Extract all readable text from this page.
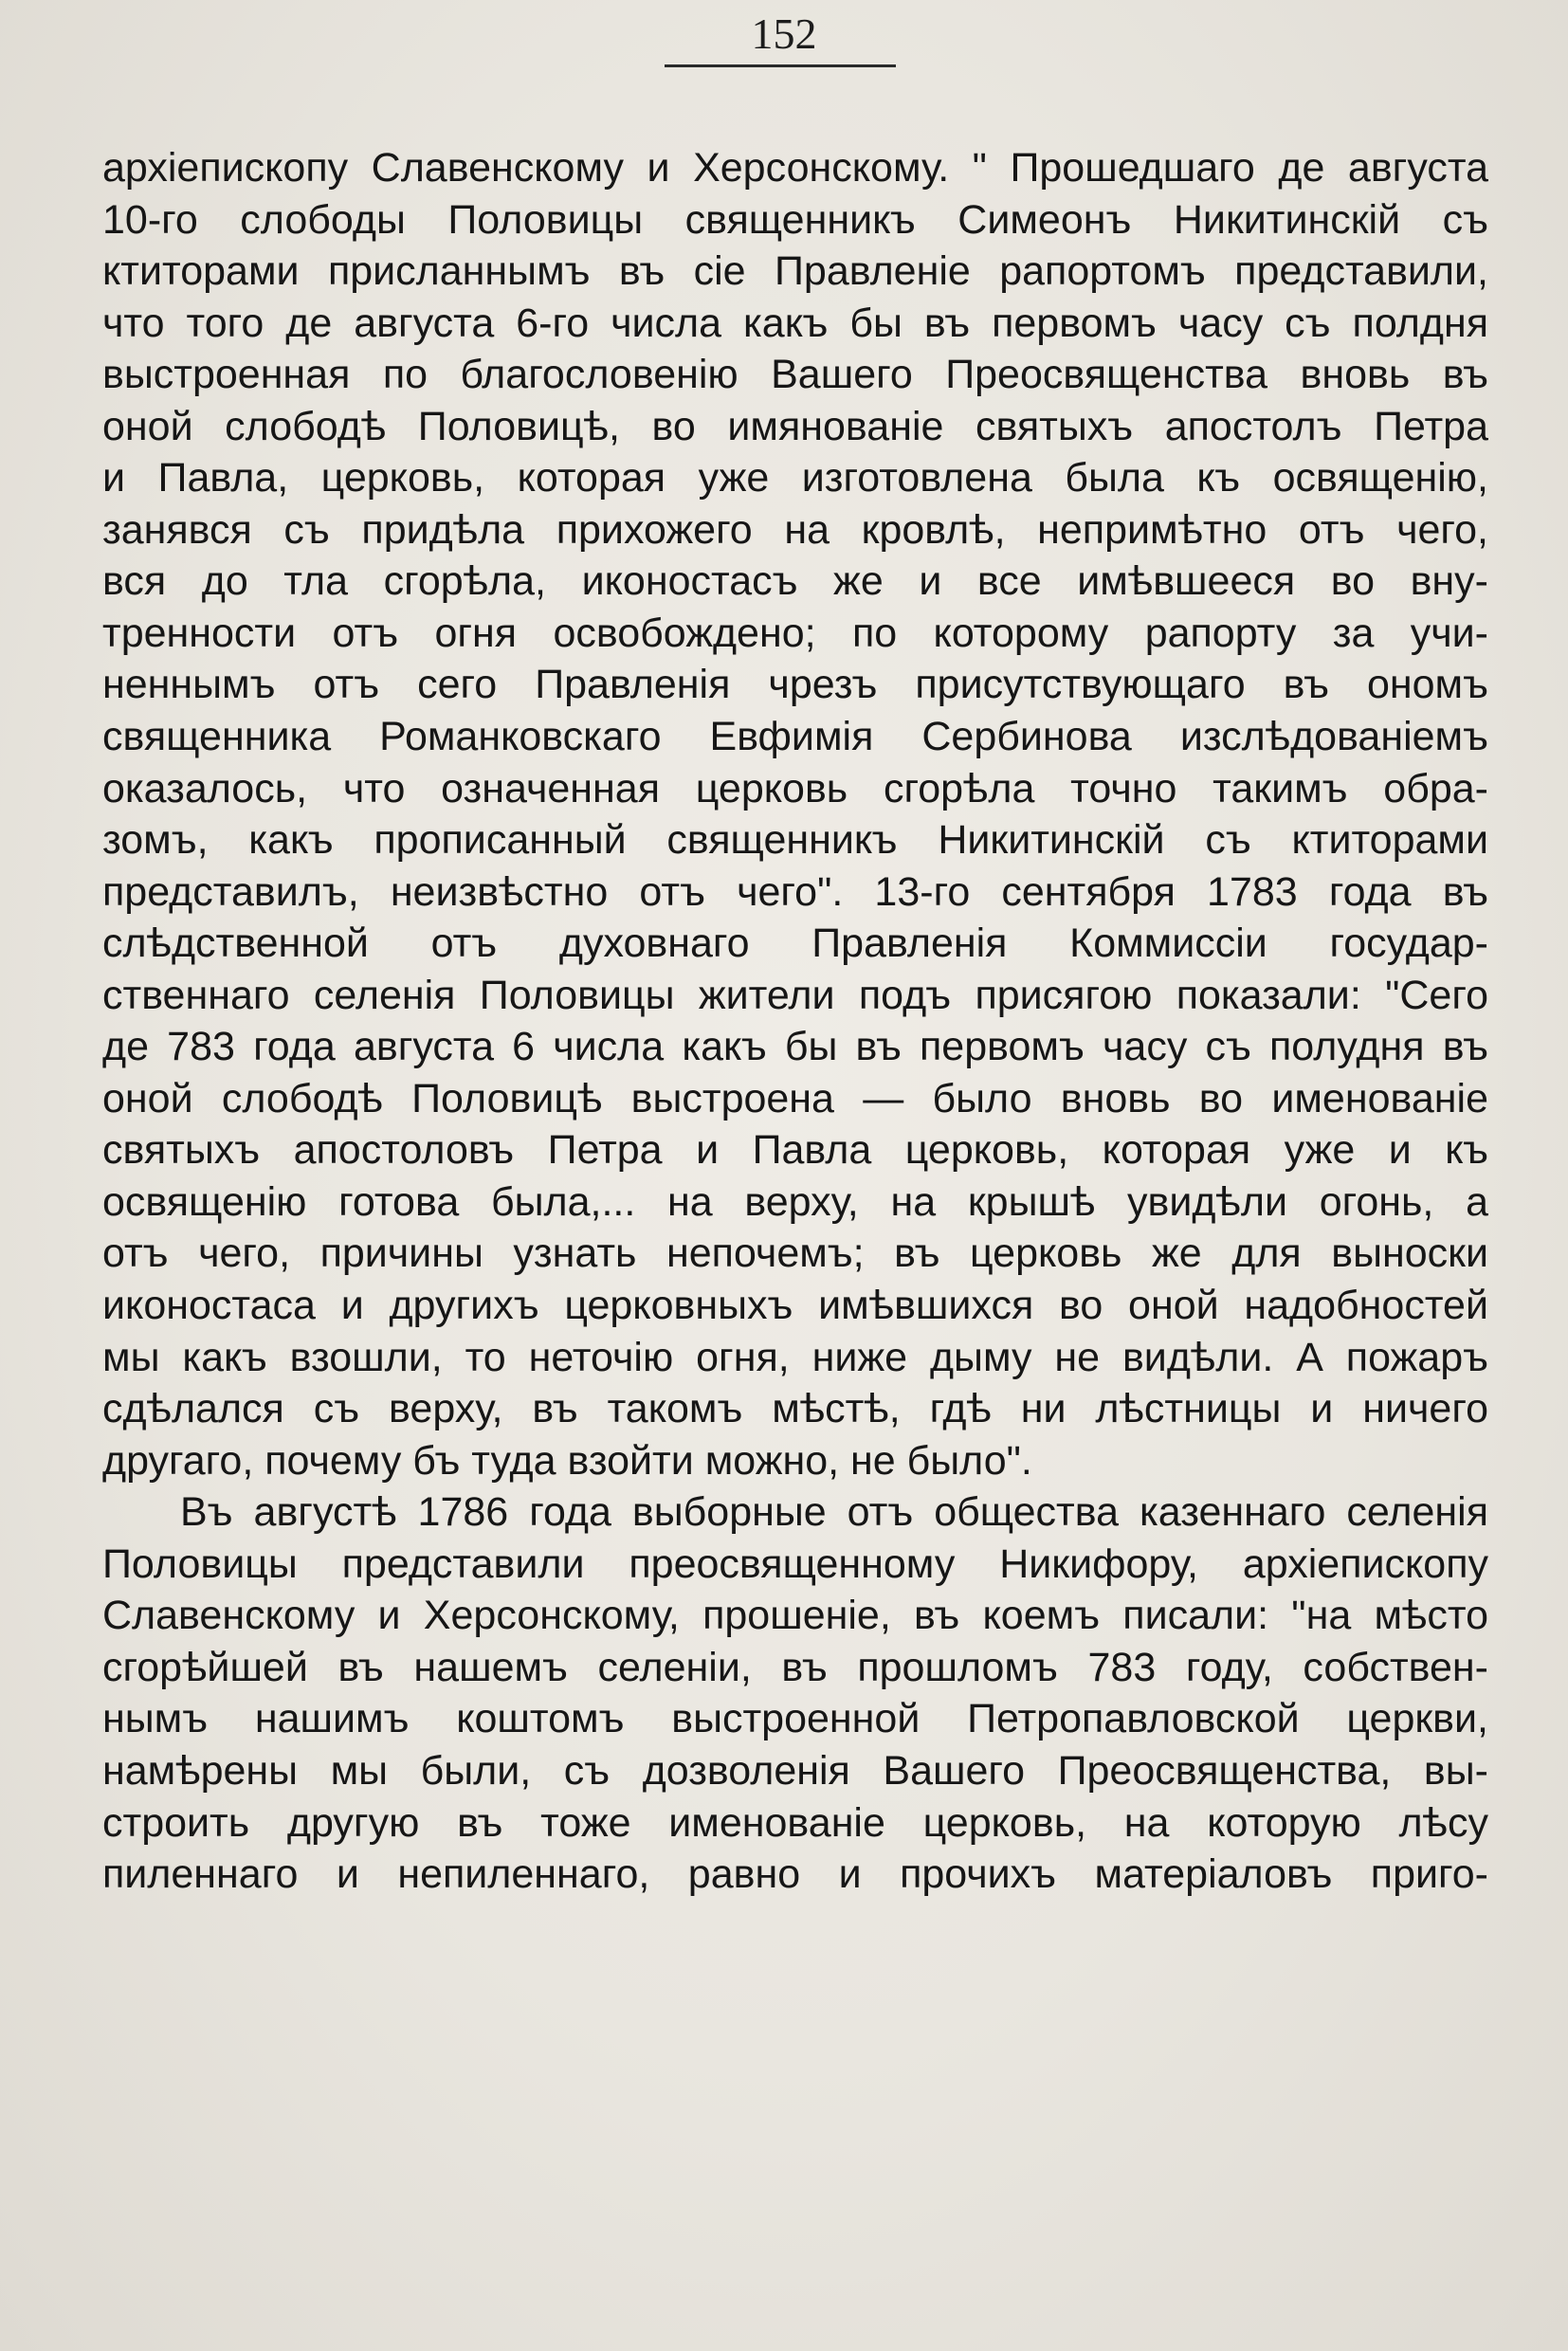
152
архіепископу Славенскому и Херсонскому. " Прошедшаго де августа
10-го слободы Половицы священникъ Симеонъ Никитинскій съ
ктиторами присланнымъ въ сіе Правленіе рапортомъ представили,
что того де августа 6-го числа какъ бы въ первомъ часу съ полдня
выстроенная по благословенію Вашего Преосвященства вновь въ
оной слободѣ Половицѣ, во имянованіе святыхъ апостолъ Петра
и Павла, церковь, которая уже изготовлена была къ освященію,
занявся съ придѣла прихожего на кровлѣ, непримѣтно отъ чего,
вся до тла сгорѣла, иконостасъ же и все имѣвшееся во вну-
тренности отъ огня освобождено; по которому рапорту за учи-
неннымъ отъ сего Правленія чрезъ присутствующаго въ ономъ
священника Романковскаго Евфимія Сербинова изслѣдованіемъ
оказалось, что означенная церковь сгорѣла точно такимъ обра-
зомъ, какъ прописанный священникъ Никитинскій съ ктиторами
представилъ, неизвѣстно отъ чего". 13-го сентября 1783 года въ
слѣдственной отъ духовнаго Правленія Коммиссіи государ-
ственнаго селенія Половицы жители подъ присягою показали: "Сего
де 783 года августа 6 числа какъ бы въ первомъ часу съ полудня въ
оной слободѣ Половицѣ выстроена — было вновь во именованіе
святыхъ апостоловъ Петра и Павла церковь, которая уже и къ
освященію готова была,... на верху, на крышѣ увидѣли огонь, а
отъ чего, причины узнать непочемъ; въ церковь же для выноски
иконостаса и другихъ церковныхъ имѣвшихся во оной надобностей
мы какъ взошли, то неточію огня, ниже дыму не видѣли. А пожаръ
сдѣлался съ верху, въ такомъ мѣстѣ, гдѣ ни лѣстницы и ничего
другаго, почему бъ туда взойти можно, не было".
Въ августѣ 1786 года выборные отъ общества казеннаго селенія
Половицы представили преосвященному Никифору, архіепископу
Славенскому и Херсонскому, прошеніе, въ коемъ писали: "на мѣсто
сгорѣйшей въ нашемъ селеніи, въ прошломъ 783 году, собствен-
нымъ нашимъ коштомъ выстроенной Петропавловской церкви,
намѣрены мы были, съ дозволенія Вашего Преосвященства, вы-
строить другую въ тоже именованіе церковь, на которую лѣсу
пиленнаго и непиленнаго, равно и прочихъ матеріаловъ приго-
